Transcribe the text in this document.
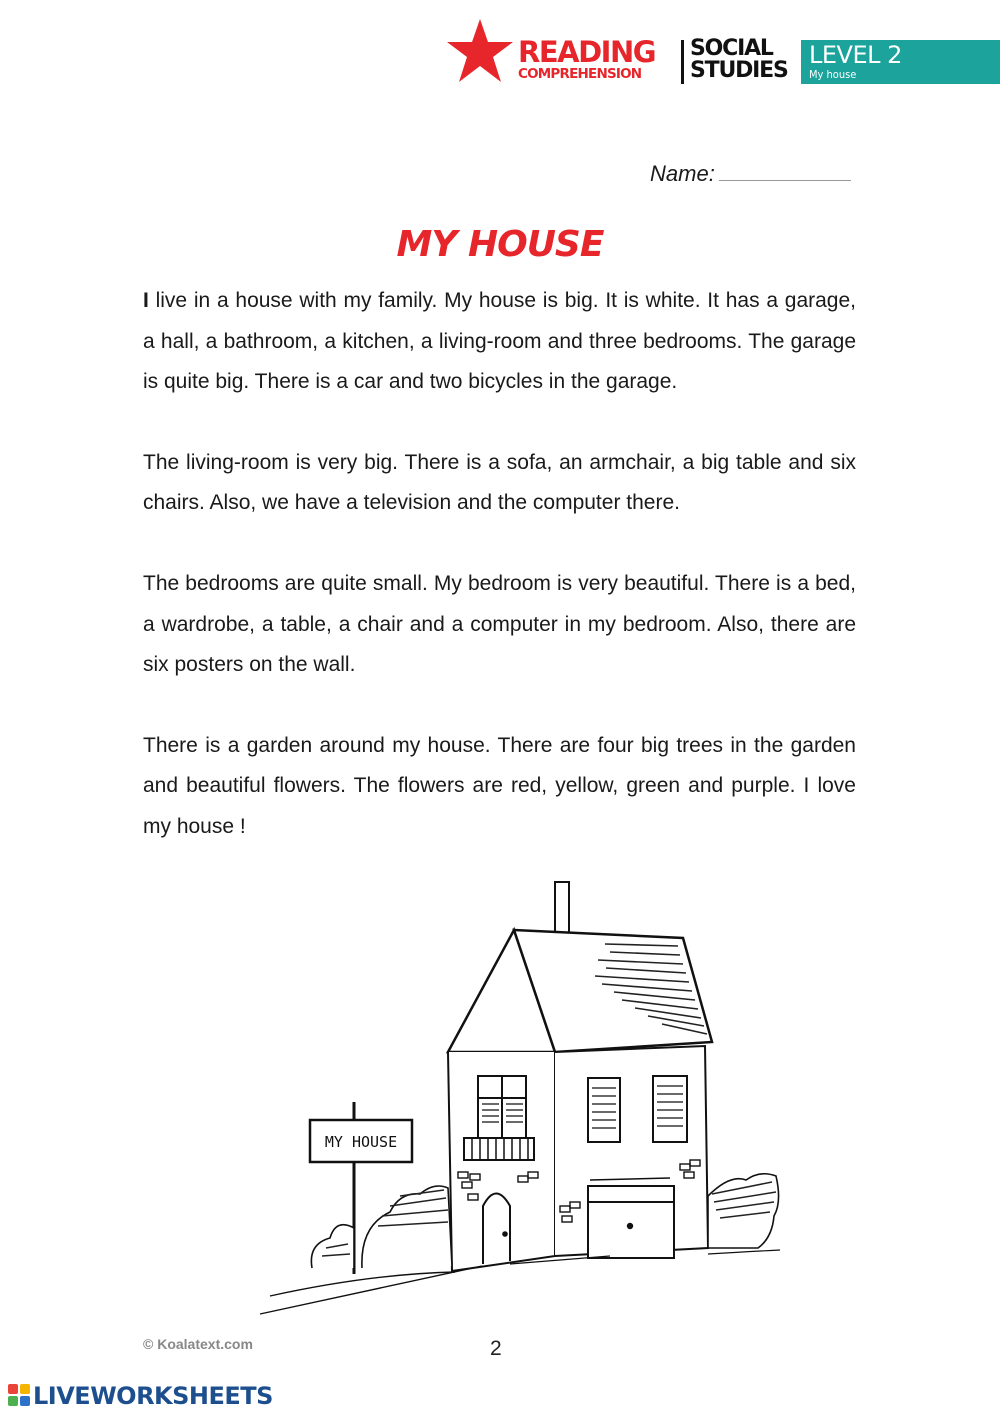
READING
COMPREHENSION
SOCIAL
STUDIES
LEVEL 2
My house
Name:
MY HOUSE

I live in a house with my family. My house is big. It is white. It has a garage, a hall, a bathroom, a kitchen, a living-room and three bedrooms. The garage is quite big. There is a car and two bicycles in the garage.

The living-room is very big. There is a sofa, an armchair, a big table and six chairs. Also, we have a television and the computer there.

The bedrooms are quite small. My bedroom is very beautiful. There is a bed, a wardrobe, a table, a chair and a computer in my bedroom. Also, there are six posters on the wall.

There is a garden around my house. There are four big trees in the garden and beautiful flowers. The flowers are red, yellow, green and purple. I love my house !

MY HOUSE
© Koalatext.com	2
LIVEWORKSHEETS
